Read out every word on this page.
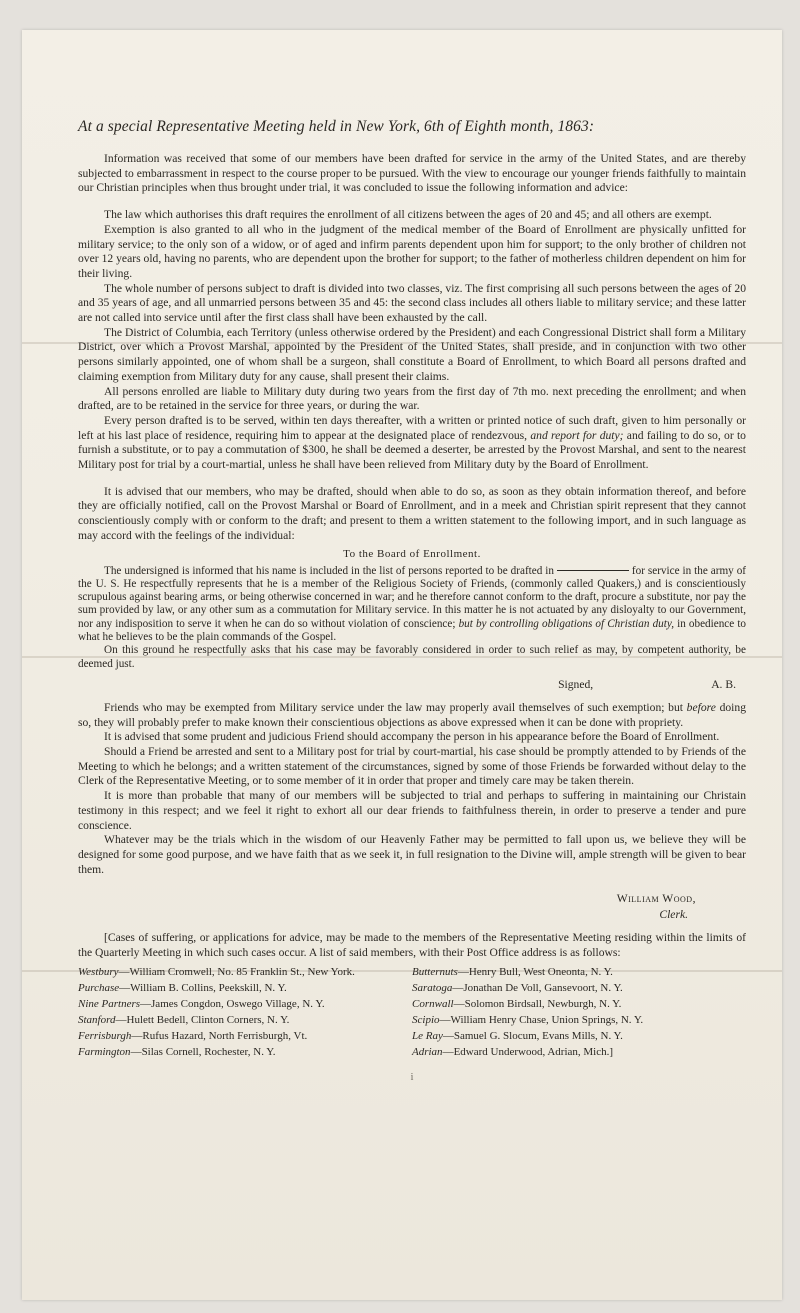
At a special Representative Meeting held in New York, 6th of Eighth month, 1863:

Information was received that some of our members have been drafted for service in the army of the United States, and are thereby subjected to embarrassment in respect to the course proper to be pursued. With the view to encourage our younger friends faithfully to maintain our Christian principles when thus brought under trial, it was concluded to issue the following information and advice:

The law which authorises this draft requires the enrollment of all citizens between the ages of 20 and 45; and all others are exempt.

Exemption is also granted to all who in the judgment of the medical member of the Board of Enrollment are physically unfitted for military service; to the only son of a widow, or of aged and infirm parents dependent upon him for support; to the only brother of children not over 12 years old, having no parents, who are dependent upon the brother for support; to the father of motherless children dependent on him for their living.

The whole number of persons subject to draft is divided into two classes, viz. The first comprising all such persons between the ages of 20 and 35 years of age, and all unmarried persons between 35 and 45: the second class includes all others liable to military service; and these latter are not called into service until after the first class shall have been exhausted by the call.

The District of Columbia, each Territory (unless otherwise ordered by the President) and each Congressional District shall form a Military District, over which a Provost Marshal, appointed by the President of the United States, shall preside, and in conjunction with two other persons similarly appointed, one of whom shall be a surgeon, shall constitute a Board of Enrollment, to which Board all persons drafted and claiming exemption from Military duty for any cause, shall present their claims.

All persons enrolled are liable to Military duty during two years from the first day of 7th mo. next preceding the enrollment; and when drafted, are to be retained in the service for three years, or during the war.

Every person drafted is to be served, within ten days thereafter, with a written or printed notice of such draft, given to him personally or left at his last place of residence, requiring him to appear at the designated place of rendezvous, and report for duty; and failing to do so, or to furnish a substitute, or to pay a commutation of $300, he shall be deemed a deserter, be arrested by the Provost Marshal, and sent to the nearest Military post for trial by a court-martial, unless he shall have been relieved from Military duty by the Board of Enrollment.

It is advised that our members, who may be drafted, should when able to do so, as soon as they obtain information thereof, and before they are officially notified, call on the Provost Marshal or Board of Enrollment, and in a meek and Christian spirit represent that they cannot conscientiously comply with or conform to the draft; and present to them a written statement to the following import, and in such language as may accord with the feelings of the individual:

To the Board of Enrollment.

The undersigned is informed that his name is included in the list of persons reported to be drafted in	for service in the army of the U. S. He respectfully represents that he is a member of the Religious Society of Friends, (commonly called Quakers,) and is conscientiously scrupulous against bearing arms, or being otherwise concerned in war; and he therefore cannot conform to the draft, procure a substitute, nor pay the sum provided by law, or any other sum as a commutation for Military service. In this matter he is not actuated by any disloyalty to our Government, nor any indisposition to serve it when he can do so without violation of conscience; but by controlling obligations of Christian duty, in obedience to what he believes to be the plain commands of the Gospel.

On this ground he respectfully asks that his case may be favorably considered in order to such relief as may, by competent authority, be deemed just.

Signed,	A. B.

Friends who may be exempted from Military service under the law may properly avail themselves of such exemption; but before doing so, they will probably prefer to make known their conscientious objections as above expressed when it can be done with propriety.

It is advised that some prudent and judicious Friend should accompany the person in his appearance before the Board of Enrollment.

Should a Friend be arrested and sent to a Military post for trial by court-martial, his case should be promptly attended to by Friends of the Meeting to which he belongs; and a written statement of the circumstances, signed by some of those Friends be forwarded without delay to the Clerk of the Representative Meeting, or to some member of it in order that proper and timely care may be taken therein.

It is more than probable that many of our members will be subjected to trial and perhaps to suffering in maintaining our Christain testimony in this respect; and we feel it right to exhort all our dear friends to faithfulness therein, in order to preserve a tender and pure conscience.

Whatever may be the trials which in the wisdom of our Heavenly Father may be permitted to fall upon us, we believe they will be designed for some good purpose, and we have faith that as we seek it, in full resignation to the Divine will, ample strength will be given to bear them.

William Wood,
Clerk.

[Cases of suffering, or applications for advice, may be made to the members of the Representative Meeting residing within the limits of the Quarterly Meeting in which such cases occur. A list of said members, with their Post Office address is as follows:

Westbury—William Cromwell, No. 85 Franklin St., New York.	Butternuts—Henry Bull, West Oneonta, N. Y.
Purchase—William B. Collins, Peekskill, N. Y.	Saratoga—Jonathan De Voll, Gansevoort, N. Y.
Nine Partners—James Congdon, Oswego Village, N. Y.	Cornwall—Solomon Birdsall, Newburgh, N. Y.
Stanford—Hulett Bedell, Clinton Corners, N. Y.	Scipio—William Henry Chase, Union Springs, N. Y.
Ferrisburgh—Rufus Hazard, North Ferrisburgh, Vt.	Le Ray—Samuel G. Slocum, Evans Mills, N. Y.
Farmington—Silas Cornell, Rochester, N. Y.	Adrian—Edward Underwood, Adrian, Mich.]
i
